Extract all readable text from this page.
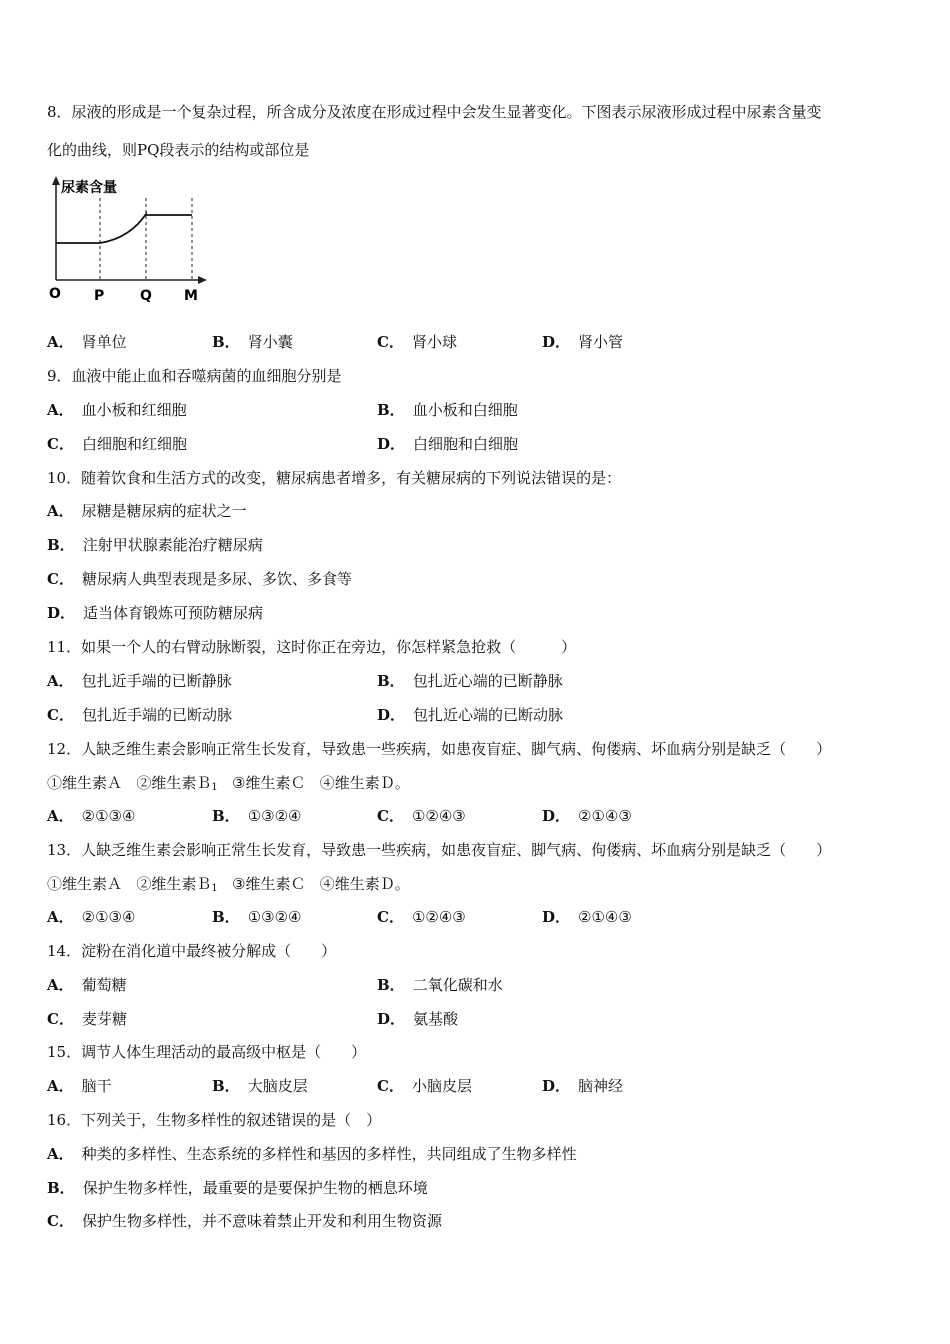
8．尿液的形成是一个复杂过程，所含成分及浓度在形成过程中会发生显著变化。下图表示尿液形成过程中尿素含量变
化的曲线，则PQ段表示的结构或部位是
尿素含量
O P	Q M
A． 肾单位	B． 肾小囊	C． 肾小球	D． 肾小管
9．血液中能止血和吞噬病菌的血细胞分别是
A． 血小板和红细胞	B． 血小板和白细胞
C． 白细胞和红细胞	D． 白细胞和白细胞
10．随着饮食和生活方式的改变，糖尿病患者增多，有关糖尿病的下列说法错误的是：
A． 尿糖是糖尿病的症状之一
B． 注射甲状腺素能治疗糖尿病
C． 糖尿病人典型表现是多尿、多饮、多食等
D． 适当体育锻炼可预防糖尿病
11．如果一个人的右臂动脉断裂，这时你正在旁边，你怎样紧急抢救（　　　）
A． 包扎近手端的已断静脉	B． 包扎近心端的已断静脉
C． 包扎近手端的已断动脉	D． 包扎近心端的已断动脉
12．人缺乏维生素会影响正常生长发育，导致患一些疾病，如患夜盲症、脚气病、佝偻病、坏血病分别是缺乏（　　）
①维生素Ａ ②维生素Ｂ$_1$ ③维生素Ｃ ④维生素Ｄ。
A． ②①③④	B． ①③②④	C． ①②④③	D． ②①④③
13．人缺乏维生素会影响正常生长发育，导致患一些疾病，如患夜盲症、脚气病、佝偻病、坏血病分别是缺乏（　　）
①维生素Ａ ②维生素Ｂ$_1$ ③维生素Ｃ ④维生素Ｄ。
A． ②①③④	B． ①③②④	C． ①②④③	D． ②①④③
14．淀粉在消化道中最终被分解成（　　）
A． 葡萄糖	B． 二氧化碳和水
C． 麦芽糖	D． 氨基酸
15．调节人体生理活动的最高级中枢是（　　）
A． 脑干	B． 大脑皮层	C． 小脑皮层	D． 脑神经
16．下列关于，生物多样性的叙述错误的是（　）
A． 种类的多样性、生态系统的多样性和基因的多样性，共同组成了生物多样性
B． 保护生物多样性，最重要的是要保护生物的栖息环境
C． 保护生物多样性，并不意味着禁止开发和利用生物资源
